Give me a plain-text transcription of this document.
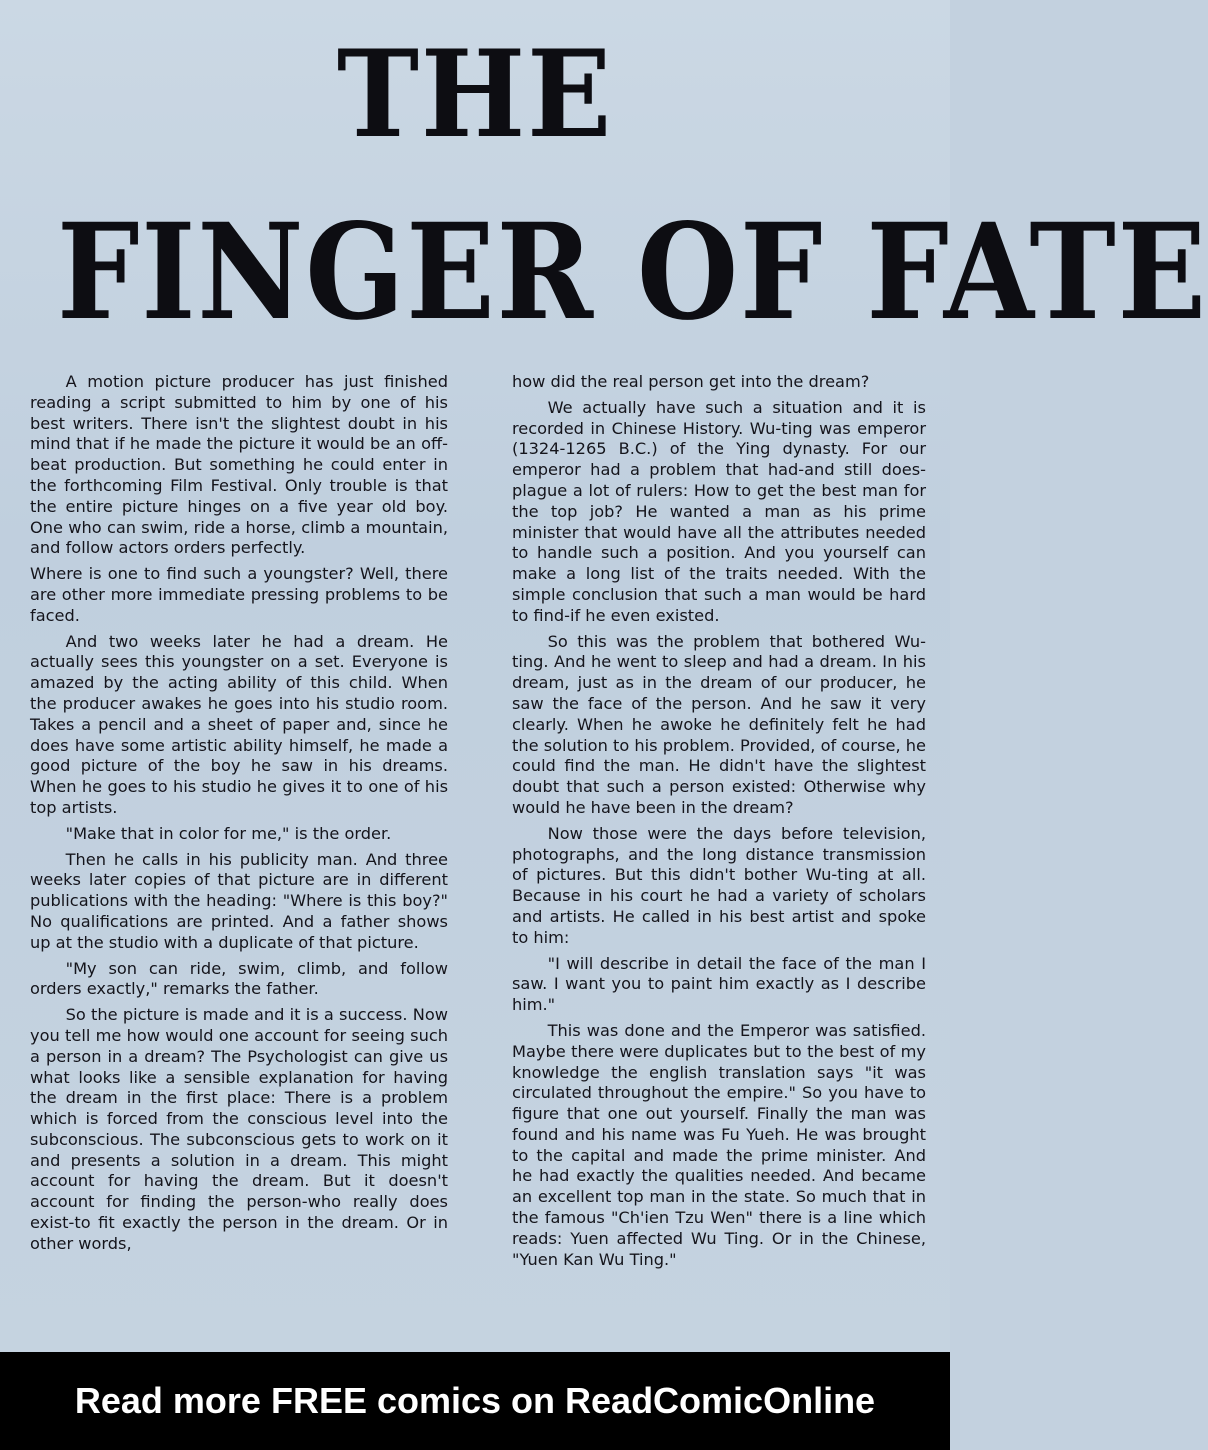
THE
FINGER OF FATE

A motion picture producer has just finished reading a script submitted to him by one of his best writers. There isn't the slightest doubt in his mind that if he made the picture it would be an off-beat production. But something he could enter in the forthcoming Film Festival. Only trouble is that the entire picture hinges on a five year old boy. One who can swim, ride a horse, climb a mountain, and follow actors orders perfectly.

Where is one to find such a youngster? Well, there are other more immediate pressing problems to be faced.

And two weeks later he had a dream. He actually sees this youngster on a set. Everyone is amazed by the acting ability of this child. When the producer awakes he goes into his studio room. Takes a pencil and a sheet of paper and, since he does have some artistic ability himself, he made a good picture of the boy he saw in his dreams. When he goes to his studio he gives it to one of his top artists.

"Make that in color for me," is the order.

Then he calls in his publicity man. And three weeks later copies of that picture are in different publications with the heading: "Where is this boy?" No qualifications are printed. And a father shows up at the studio with a duplicate of that picture.

"My son can ride, swim, climb, and follow orders exactly," remarks the father.

So the picture is made and it is a success. Now you tell me how would one account for seeing such a person in a dream? The Psychologist can give us what looks like a sensible explanation for having the dream in the first place: There is a problem which is forced from the conscious level into the subconscious. The subconscious gets to work on it and presents a solution in a dream. This might account for having the dream. But it doesn't account for finding the person-who really does exist-to fit exactly the person in the dream. Or in other words,

how did the real person get into the dream?

We actually have such a situation and it is recorded in Chinese History. Wu-ting was emperor (1324-1265 B.C.) of the Ying dynasty. For our emperor had a problem that had-and still does-plague a lot of rulers: How to get the best man for the top job? He wanted a man as his prime minister that would have all the attributes needed to handle such a position. And you yourself can make a long list of the traits needed. With the simple conclusion that such a man would be hard to find-if he even existed.

So this was the problem that bothered Wu-ting. And he went to sleep and had a dream. In his dream, just as in the dream of our producer, he saw the face of the person. And he saw it very clearly. When he awoke he definitely felt he had the solution to his problem. Provided, of course, he could find the man. He didn't have the slightest doubt that such a person existed: Otherwise why would he have been in the dream?

Now those were the days before television, photographs, and the long distance transmission of pictures. But this didn't bother Wu-ting at all. Because in his court he had a variety of scholars and artists. He called in his best artist and spoke to him:

"I will describe in detail the face of the man I saw. I want you to paint him exactly as I describe him."

This was done and the Emperor was satisfied. Maybe there were duplicates but to the best of my knowledge the english translation says "it was circulated throughout the empire." So you have to figure that one out yourself. Finally the man was found and his name was Fu Yueh. He was brought to the capital and made the prime minister. And he had exactly the qualities needed. And became an excellent top man in the state. So much that in the famous "Ch'ien Tzu Wen" there is a line which reads: Yuen affected Wu Ting. Or in the Chinese, "Yuen Kan Wu Ting."

Read more FREE comics on ReadComicOnline
